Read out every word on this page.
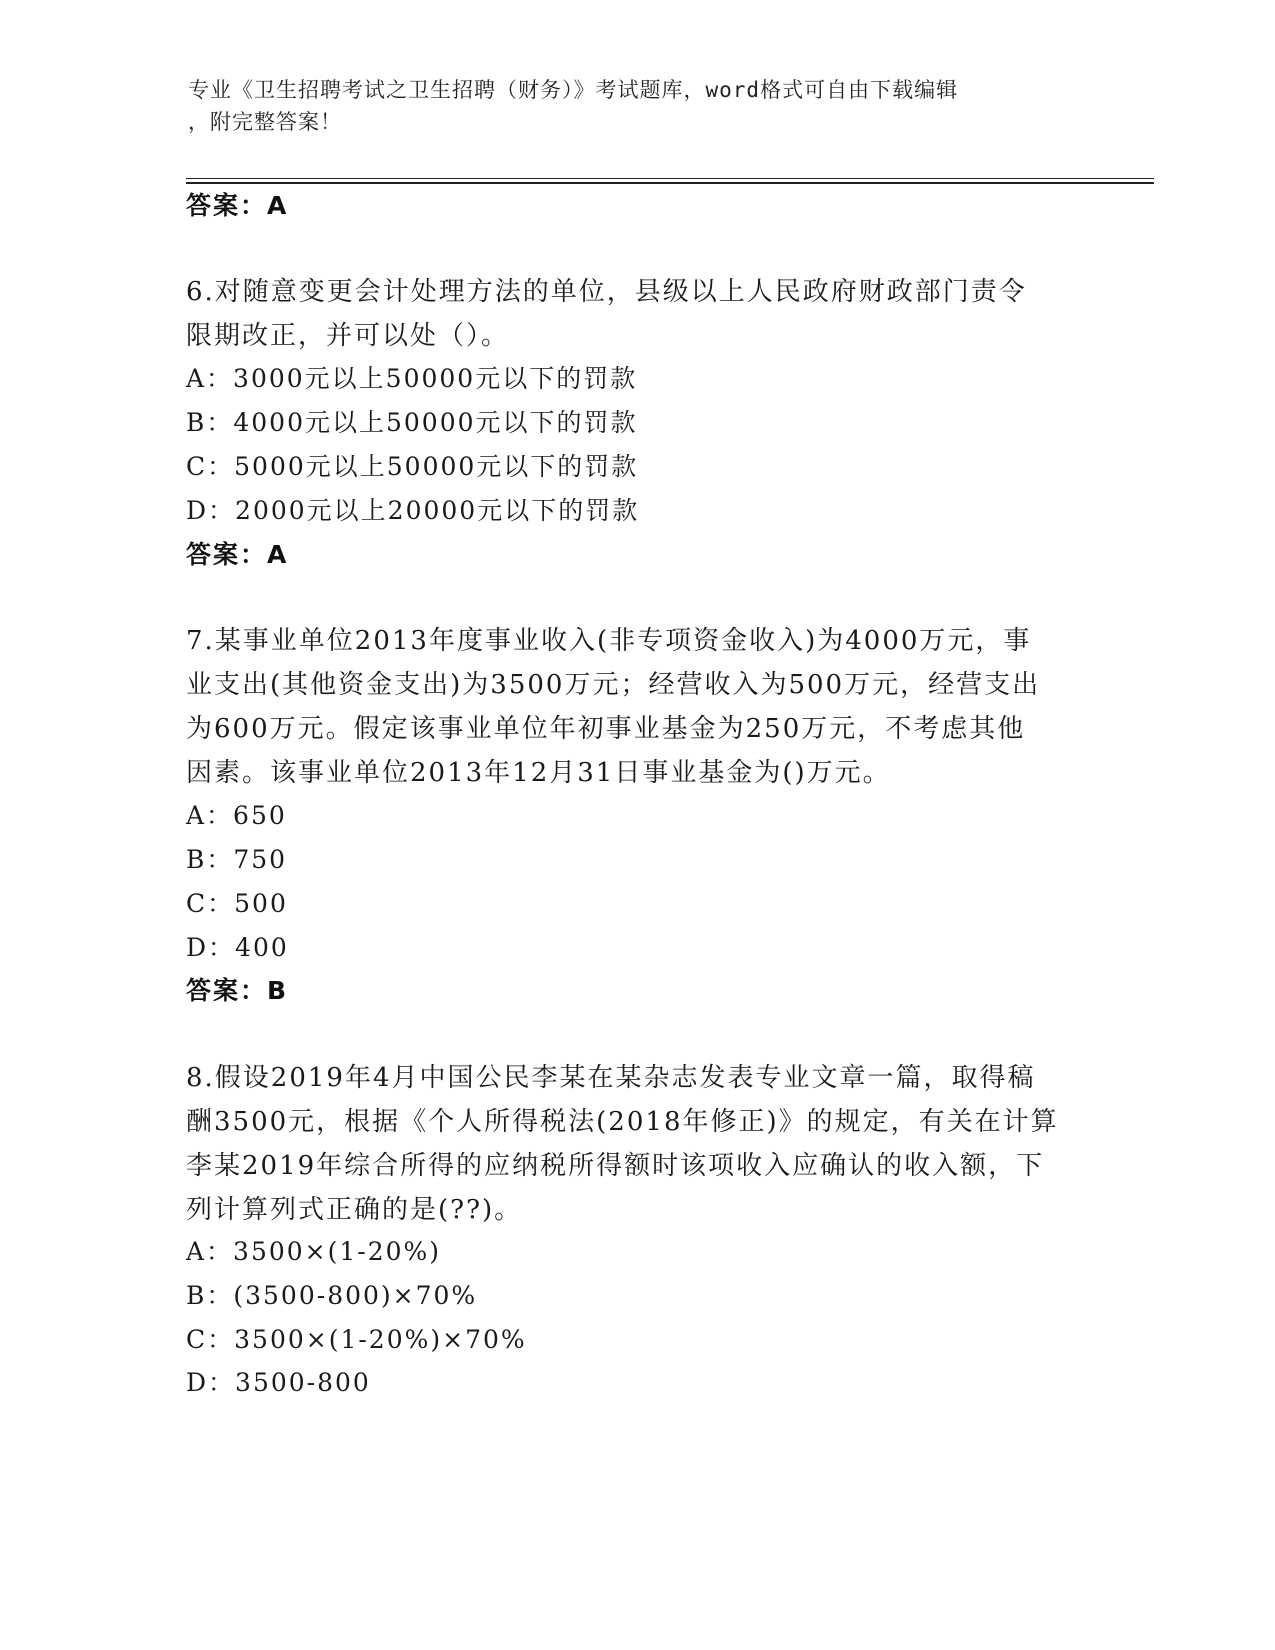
专业《卫生招聘考试之卫生招聘（财务）》考试题库，word格式可自由下载编辑
，附完整答案！
答案：A
6.对随意变更会计处理方法的单位，县级以上人民政府财政部门责令
限期改正，并可以处（）。
A：3000元以上50000元以下的罚款
B：4000元以上50000元以下的罚款
C：5000元以上50000元以下的罚款
D：2000元以上20000元以下的罚款
答案：A
7.某事业单位2013年度事业收入(非专项资金收入)为4000万元，事
业支出(其他资金支出)为3500万元；经营收入为500万元，经营支出
为600万元。假定该事业单位年初事业基金为250万元，不考虑其他
因素。该事业单位2013年12月31日事业基金为()万元。
A：650
B：750
C：500
D：400
答案：B
8.假设2019年4月中国公民李某在某杂志发表专业文章一篇，取得稿
酬3500元，根据《个人所得税法(2018年修正)》的规定，有关在计算
李某2019年综合所得的应纳税所得额时该项收入应确认的收入额，下
列计算列式正确的是(??)。
A：3500×(1-20%)
B：(3500-800)×70%
C：3500×(1-20%)×70%
D：3500-800
